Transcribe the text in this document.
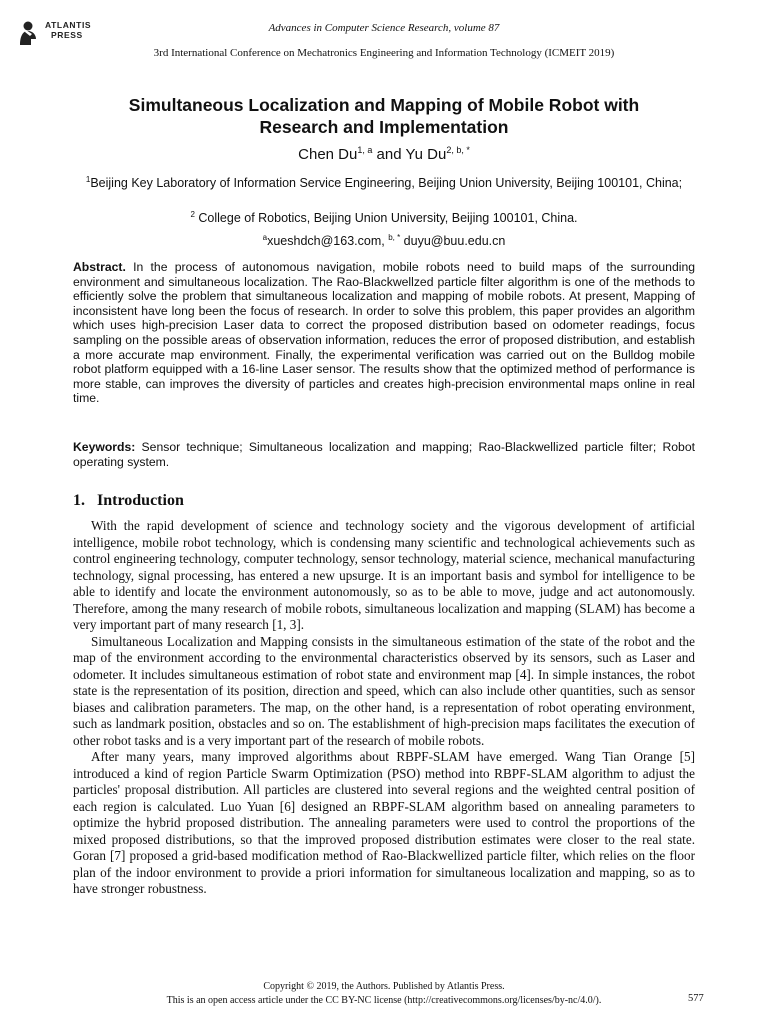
ATLANTIS
PRESS
Advances in Computer Science Research, volume 87
3rd International Conference on Mechatronics Engineering and Information Technology (ICMEIT 2019)
Simultaneous Localization and Mapping of Mobile Robot with
Research and Implementation
Chen Du$^{1, a}$ and Yu $Du^{2, b, *}$
$^1$Beijing Key Laboratory of Information Service Engineering, Beijing Union University, Beijing 100101, China;
$^2$ College of Robotics, Beijing Union University, Beijing 100101, China.
$^a$xueshdch@163.com, $^{b, *}$ duyu@buu.edu.cn
Abstract. In the process of autonomous navigation, mobile robots need to build maps of the surrounding environment and simultaneous localization. The Rao-Blackwellzed particle filter algorithm is one of the methods to efficiently solve the problem that simultaneous localization and mapping of mobile robots. At present, Mapping of inconsistent have long been the focus of research. In order to solve this problem, this paper provides an algorithm which uses high-precision Laser data to correct the proposed distribution based on odometer readings, focus sampling on the possible areas of observation information, reduces the error of proposed distribution, and establish a more accurate map environment. Finally, the experimental verification was carried out on the Bulldog mobile robot platform equipped with a 16-line Laser sensor. The results show that the optimized method of performance is more stable, can improves the diversity of particles and creates high-precision environmental maps online in real time.
Keywords: Sensor technique; Simultaneous localization and mapping; Rao-Blackwellized particle filter; Robot operating system.
1. Introduction

With the rapid development of science and technology society and the vigorous development of artificial intelligence, mobile robot technology, which is condensing many scientific and technological achievements such as control engineering technology, computer technology, sensor technology, material science, mechanical manufacturing technology, signal processing, has entered a new upsurge. It is an important basis and symbol for intelligence to be able to identify and locate the environment autonomously, so as to be able to move, judge and act autonomously. Therefore, among the many research of mobile robots, simultaneous localization and mapping (SLAM) has become a very important part of many research [1, 3].

Simultaneous Localization and Mapping consists in the simultaneous estimation of the state of the robot and the map of the environment according to the environmental characteristics observed by its sensors, such as Laser and odometer. It includes simultaneous estimation of robot state and environment map [4]. In simple instances, the robot state is the representation of its position, direction and speed, which can also include other quantities, such as sensor biases and calibration parameters. The map, on the other hand, is a representation of robot operating environment, such as landmark position, obstacles and so on. The establishment of high-precision maps facilitates the execution of other robot tasks and is a very important part of the research of mobile robots.

After many years, many improved algorithms about RBPF-SLAM have emerged. Wang Tian Orange [5] introduced a kind of region Particle Swarm Optimization (PSO) method into RBPF-SLAM algorithm to adjust the particles' proposal distribution. All particles are clustered into several regions and the weighted central position of each region is calculated. Luo Yuan [6] designed an RBPF-SLAM algorithm based on annealing parameters to optimize the hybrid proposed distribution. The annealing parameters were used to control the proportions of the mixed proposed distributions, so that the improved proposed distribution estimates were closer to the real state. Goran [7] proposed a grid-based modification method of Rao-Blackwellized particle filter, which relies on the floor plan of the indoor environment to provide a priori information for simultaneous localization and mapping, so as to have stronger robustness.

Copyright © 2019, the Authors. Published by Atlantis Press.
This is an open access article under the CC BY-NC license (http://creativecommons.org/licenses/by-nc/4.0/).	577
